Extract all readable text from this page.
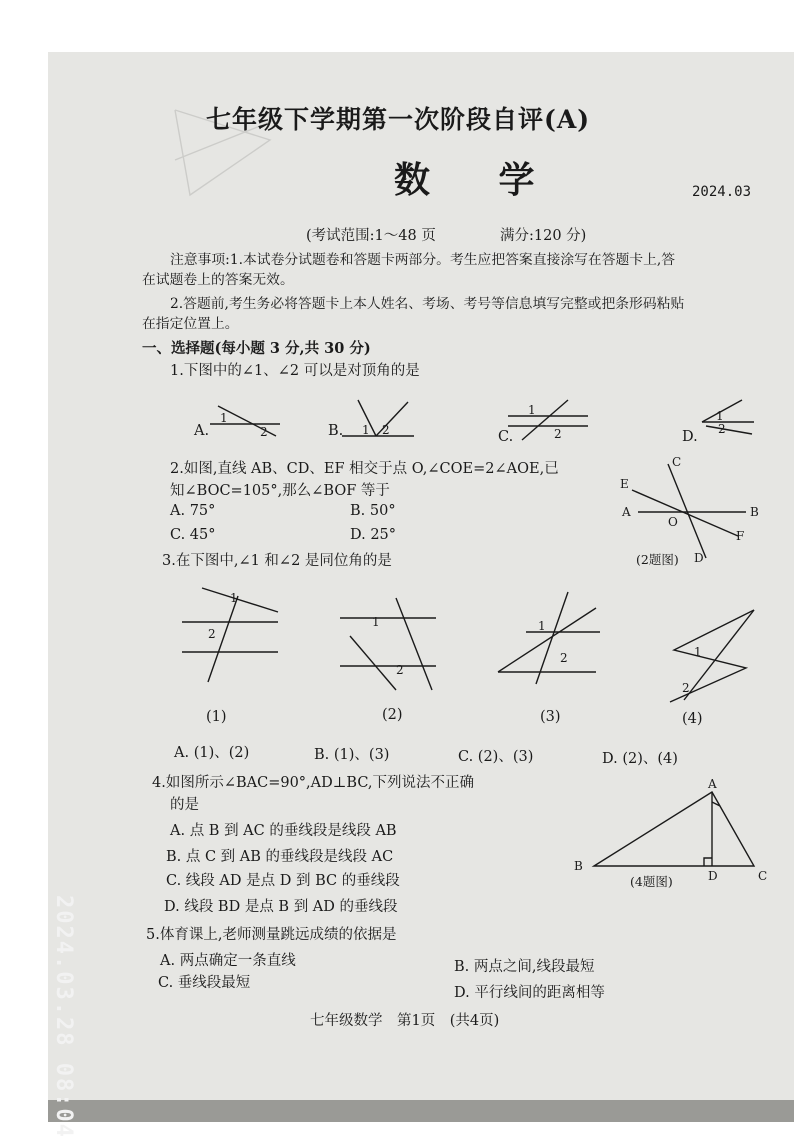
七年级下学期第一次阶段自评(A)
数 学	2024.03
(考试范围:1～48 页	满分:120 分)
注意事项:1.本试卷分试题卷和答题卡两部分。考生应把答案直接涂写在答题卡上,答
在试题卷上的答案无效。
2.答题前,考生务必将答题卡上本人姓名、考场、考号等信息填写完整或把条形码粘贴
在指定位置上。
一、选择题(每小题 3 分,共 30 分)
1.下图中的∠1、∠2 可以是对顶角的是
A.
1
2	B. 1 2	C.
1
2	D.
1
2
2.如图,直线 AB、CD、EF 相交于点 O,∠COE=2∠AOE,已
知∠BOC=105°,那么∠BOF 等于
A. 75°	B. 50°
C. 45°	D. 25°
C
A	B
E
F
O
D
(2题图)
3.在下图中,∠1 和∠2 是同位角的是
1
2
(1)
1
2
(2)
1
2
(3)
1
2
(4)
A. (1)、(2)	B. (1)、(3)	C. (2)、(3)	D. (2)、(4)
4.如图所示∠BAC=90°,AD⊥BC,下列说法不正确
的是
A. 点 B 到 AC 的垂线段是线段 AB
B. 点 C 到 AB 的垂线段是线段 AC
C. 线段 AD 是点 D 到 BC 的垂线段
D. 线段 BD 是点 B 到 AD 的垂线段
A
B
C
D
(4题图)
5.体育课上,老师测量跳远成绩的依据是
A. 两点确定一条直线	B. 两点之间,线段最短
C. 垂线段最短
D. 平行线间的距离相等
七年级数学　第1页　(共4页)
2024.03.28 08:04
